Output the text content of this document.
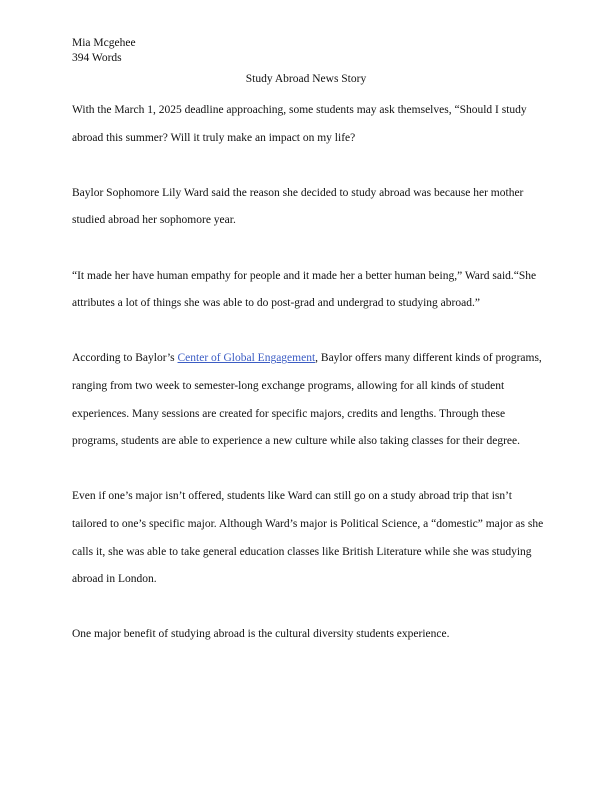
Mia Mcgehee
394 Words
Study Abroad News Story

With the March 1, 2025 deadline approaching, some students may ask themselves, “Should I study abroad this summer? Will it truly make an impact on my life?

Baylor Sophomore Lily Ward said the reason she decided to study abroad was because her mother studied abroad her sophomore year.

“It made her have human empathy for people and it made her a better human being,” Ward said.“She attributes a lot of things she was able to do post-grad and undergrad to studying abroad.”

According to Baylor’s Center of Global Engagement, Baylor offers many different kinds of programs, ranging from two week to semester-long exchange programs, allowing for all kinds of student experiences. Many sessions are created for specific majors, credits and lengths. Through these programs, students are able to experience a new culture while also taking classes for their degree.

Even if one’s major isn’t offered, students like Ward can still go on a study abroad trip that isn’t tailored to one’s specific major. Although Ward’s major is Political Science, a “domestic” major as she calls it, she was able to take general education classes like British Literature while she was studying abroad in London.

One major benefit of studying abroad is the cultural diversity students experience.
